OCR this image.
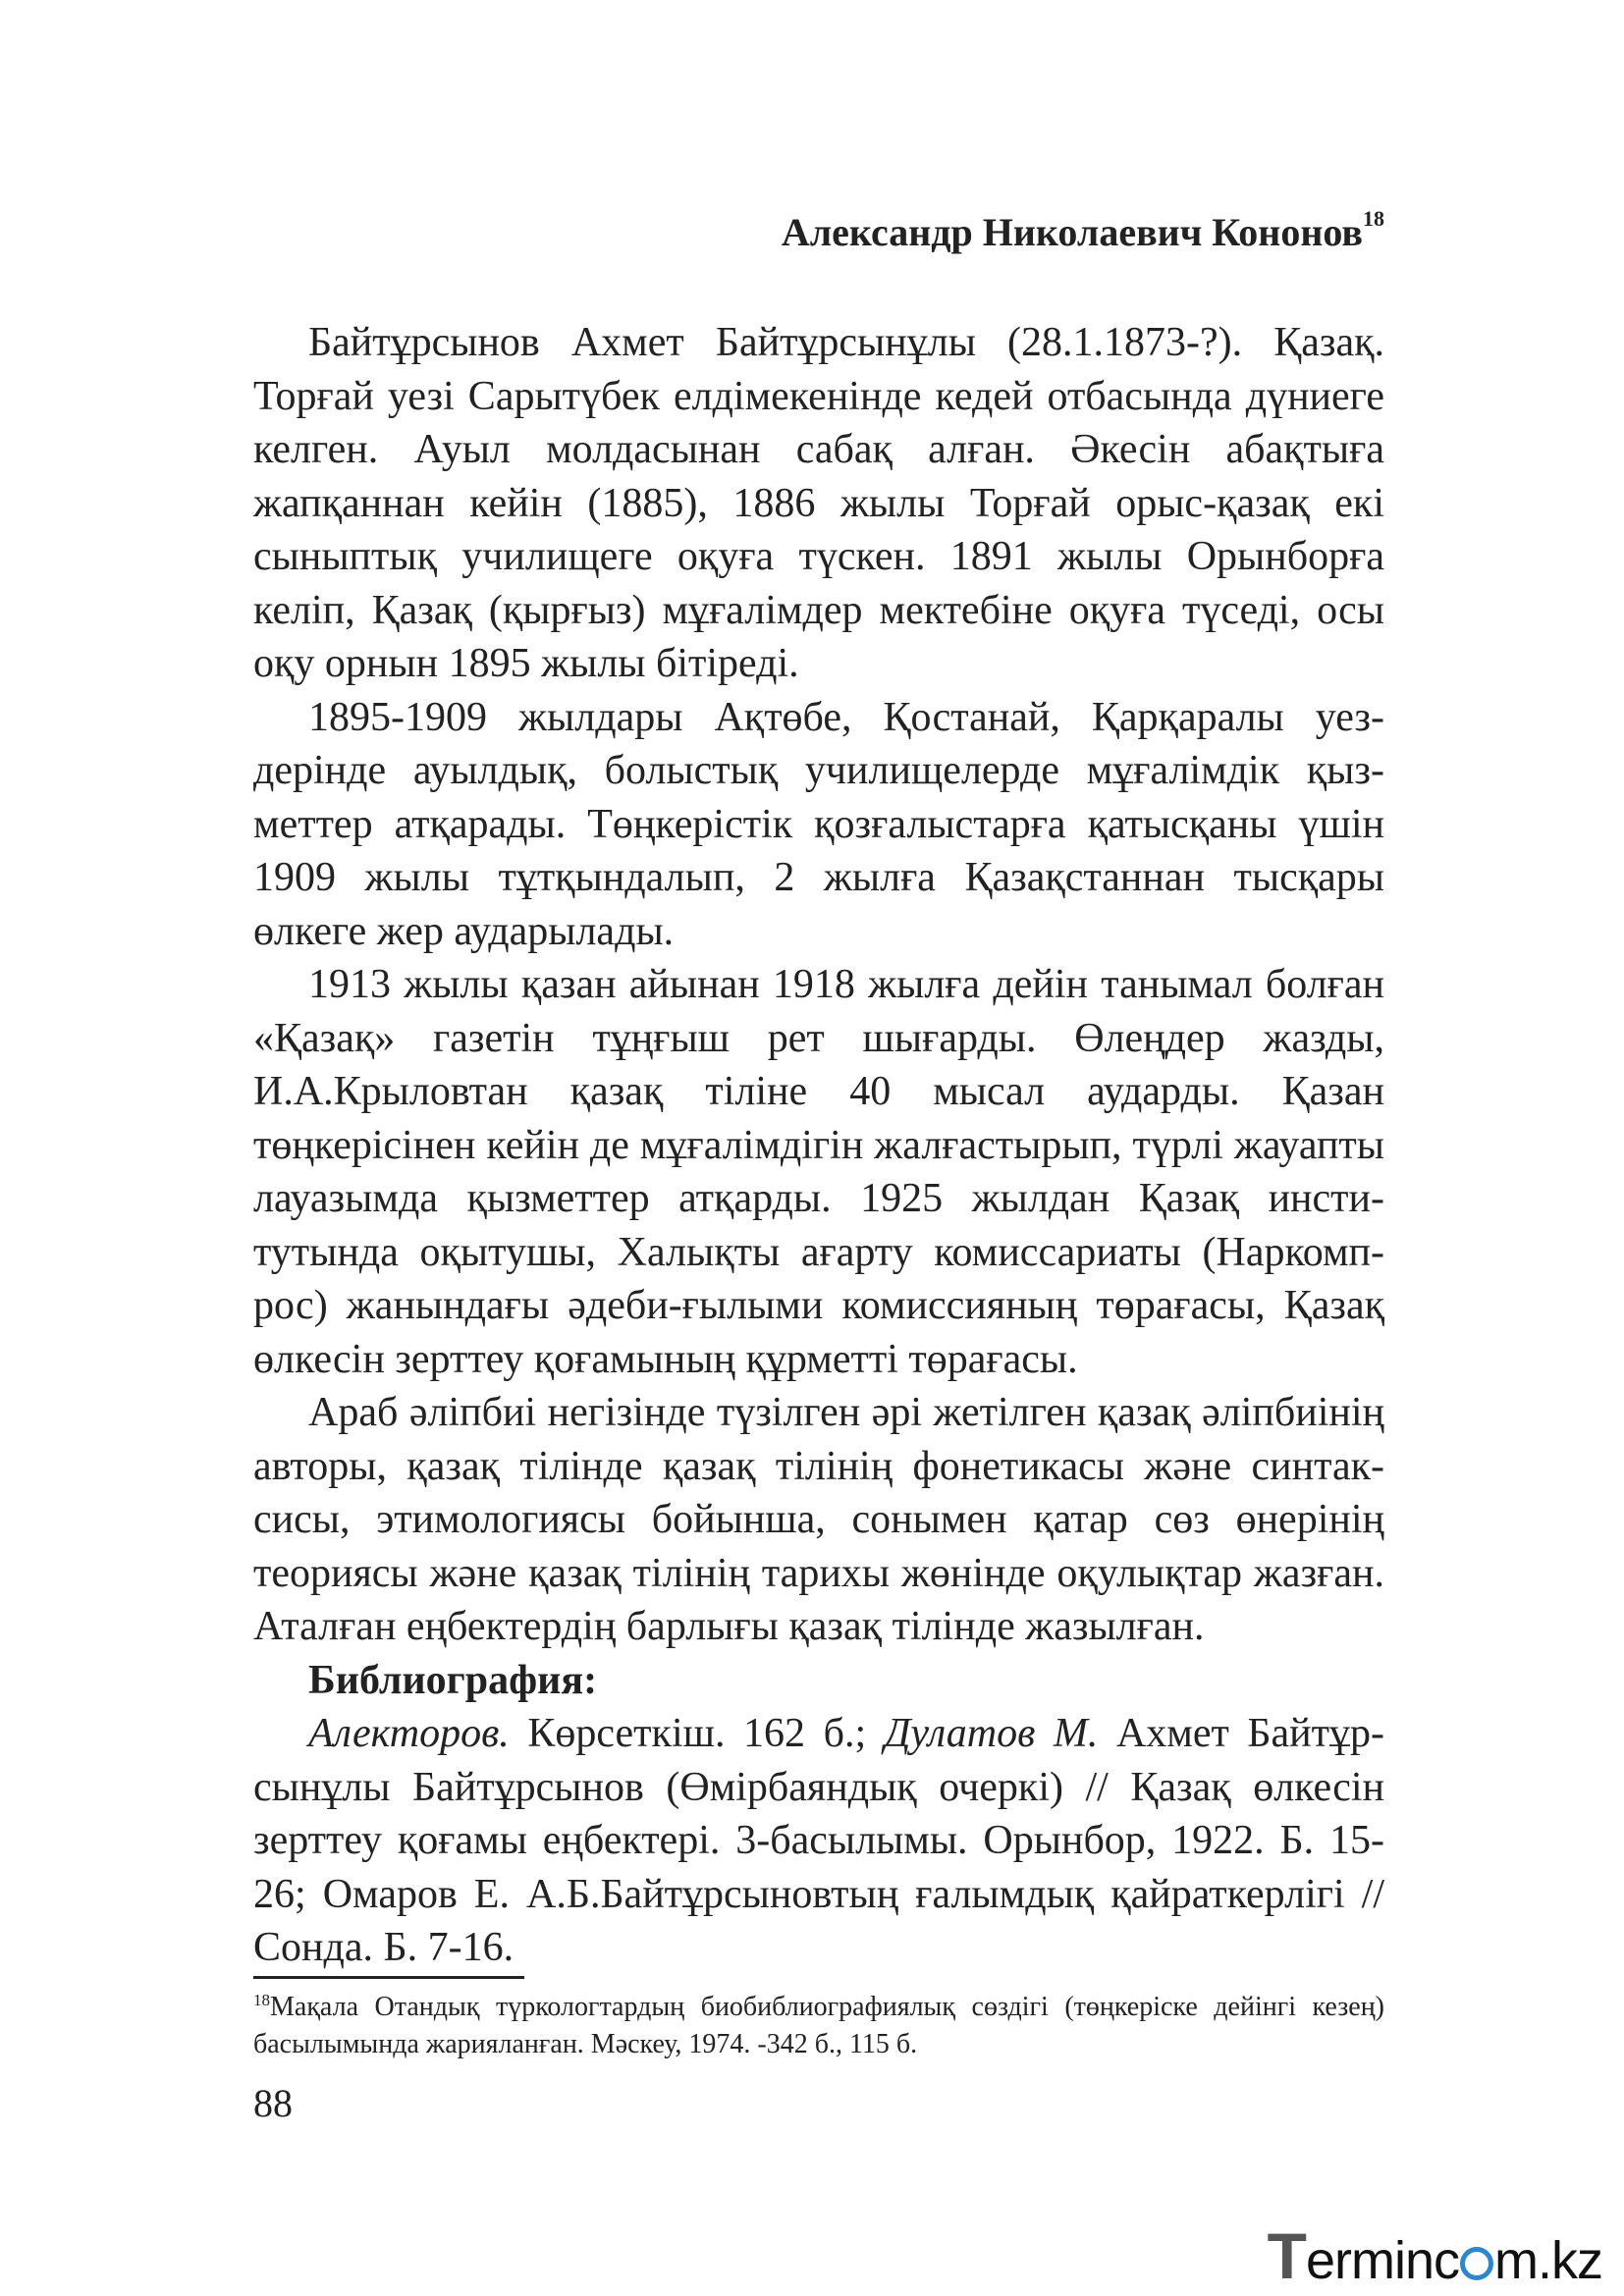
Александр Николаевич Кононов$^{18}$

Байтұрсынов Ахмет Байтұрсынұлы (28.1.1873-?). Қазақ. Торғай уезі Сарытүбек елдімекенінде кедей отбасында дүниеге келген. Ауыл молдасынан сабақ алған. Әкесін абақтыға жапқаннан кейін (1885), 1886 жылы Торғай орыс-қазақ екі сыныптық училищеге оқуға түскен. 1891 жылы Орынборға келіп, Қазақ (қырғыз) мұғалімдер мектебіне оқуға түседі, осы оқу орнын 1895 жылы бітіреді.

1895-1909 жылдары Ақтөбе, Қостанай, Қарқаралы уездерінде ауылдық, болыстық училищелерде мұғалімдік қызметтер атқарады. Төңкерістік қозғалыстарға қатысқаны үшін 1909 жылы тұтқындалып, 2 жылға Қазақстаннан тысқары өлкеге жер аударылады.

1913 жылы қазан айынан 1918 жылға дейін танымал болған «Қазақ» газетін тұңғыш рет шығарды. Өлеңдер жазды, И.А.Крыловтан қазақ тіліне 40 мысал аударды. Қазан төңкерісінен кейін де мұғалімдігін жалғастырып, түрлі жауапты лауазымда қызметтер атқарды. 1925 жылдан Қазақ институтында оқытушы, Халықты ағарту комиссариаты (Наркомпрос) жанындағы әдеби-ғылыми комиссияның төрағасы, Қазақ өлкесін зерттеу қоғамының құрметті төрағасы.

Араб әліпбиі негізінде түзілген әрі жетілген қазақ әліпбиінің авторы, қазақ тілінде қазақ тілінің фонетикасы және синтаксисы, этимологиясы бойынша, сонымен қатар сөз өнерінің теориясы және қазақ тілінің тарихы жөнінде оқулықтар жазған. Аталған еңбектердің барлығы қазақ тілінде жазылған.

Библиография:

Алекторов. Көрсеткіш. 162 б.; Дулатов М. Ахмет Байтұрсынұлы Байтұрсынов (Өмірбаяндық очеркі) // Қазақ өлкесін зерттеу қоғамы еңбектері. 3-басылымы. Орынбор, 1922. Б. 15-26; Омаров Е. А.Б.Байтұрсыновтың ғалымдық қайраткерлігі // Сонда. Б. 7-16.

$^{18}$Мақала Отандық түркологтардың биобиблиографиялық сөздігі (төңкеріске дейінгі кезең) басылымында жарияланған. Мәскеу, 1974. -342 б., 115 б.
88
Terminc m.kz
